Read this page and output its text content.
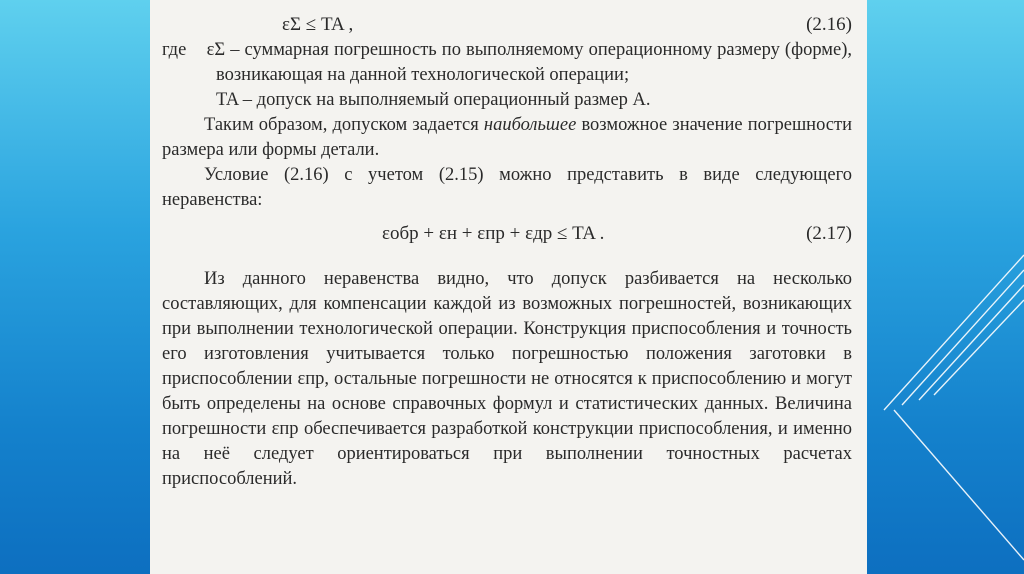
εΣ ≤ TA ,	(2.16)

где εΣ – суммарная погрешность по выполняемому операционному размеру (форме), возникающая на данной технологической операции;

TA – допуск на выполняемый операционный размер A.

Таким образом, допуском задается наибольшее возможное значение погрешности размера или формы детали.

Условие (2.16) с учетом (2.15) можно представить в виде следующего неравенства:

εобр + εн + εпр + εдр ≤ TA .	(2.17)

Из данного неравенства видно, что допуск разбивается на несколько составляющих, для компенсации каждой из возможных погрешностей, возникающих при выполнении технологической операции. Конструкция приспособления и точность его изготовления учитывается только погрешностью положения заготовки в приспособлении εпр, остальные погрешности не относятся к приспособлению и могут быть определены на основе справочных формул и статистических данных. Величина погрешности εпр обеспечивается разработкой конструкции приспособления, и именно на неё следует ориентироваться при выполнении точностных расчетах приспособлений.
